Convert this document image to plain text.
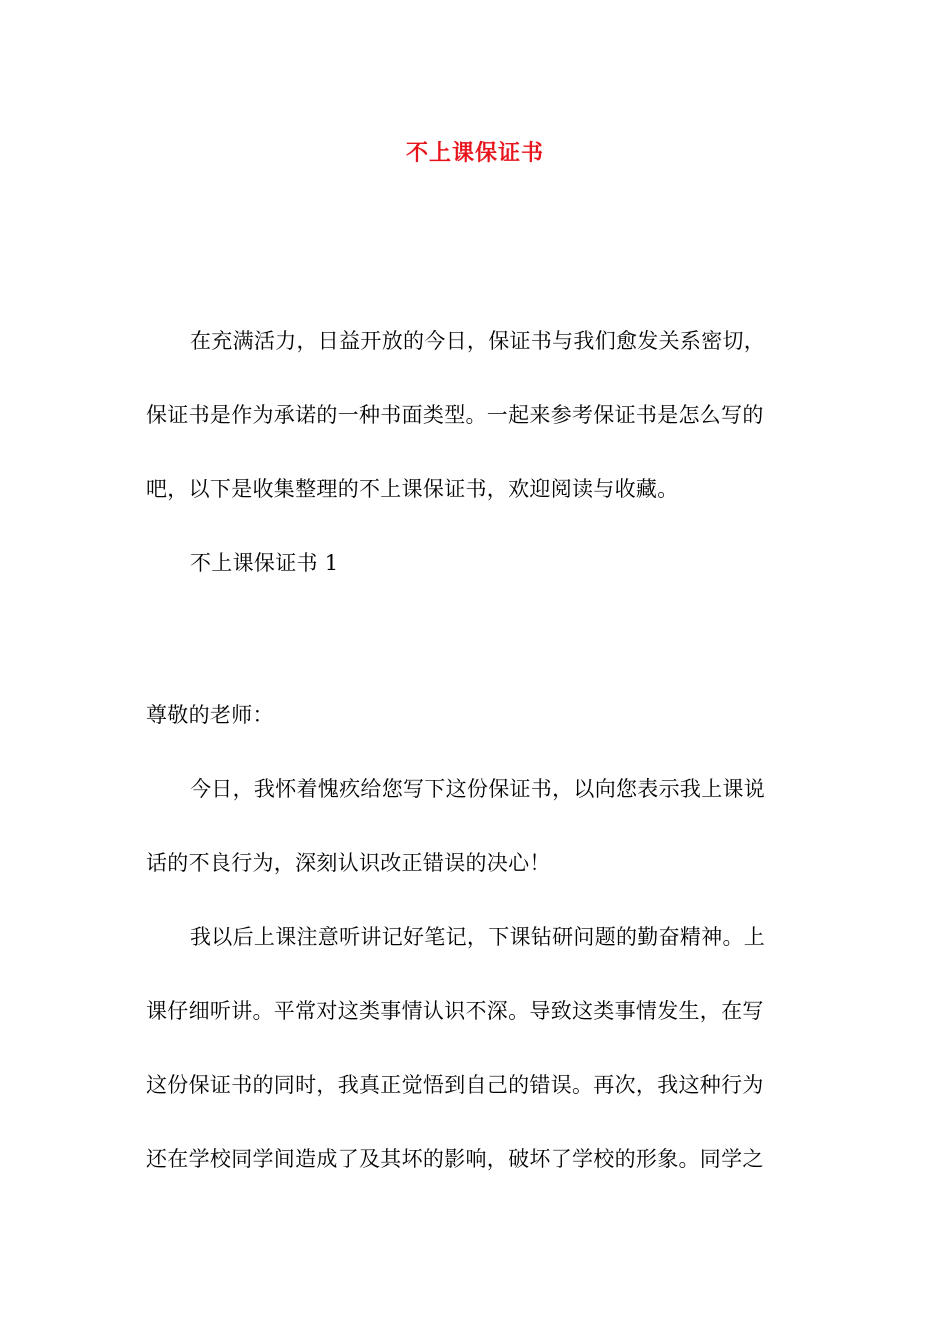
不上课保证书
在充满活力，日益开放的今日，保证书与我们愈发关系密切，
保证书是作为承诺的一种书面类型。一起来参考保证书是怎么写的
吧，以下是收集整理的不上课保证书，欢迎阅读与收藏。
不上课保证书 1
尊敬的老师：
今日，我怀着愧疚给您写下这份保证书，以向您表示我上课说
话的不良行为，深刻认识改正错误的决心！
我以后上课注意听讲记好笔记，下课钻研问题的勤奋精神。上
课仔细听讲。平常对这类事情认识不深。导致这类事情发生，在写
这份保证书的同时，我真正觉悟到自己的错误。再次，我这种行为
还在学校同学间造成了及其坏的影响，破坏了学校的形象。同学之
